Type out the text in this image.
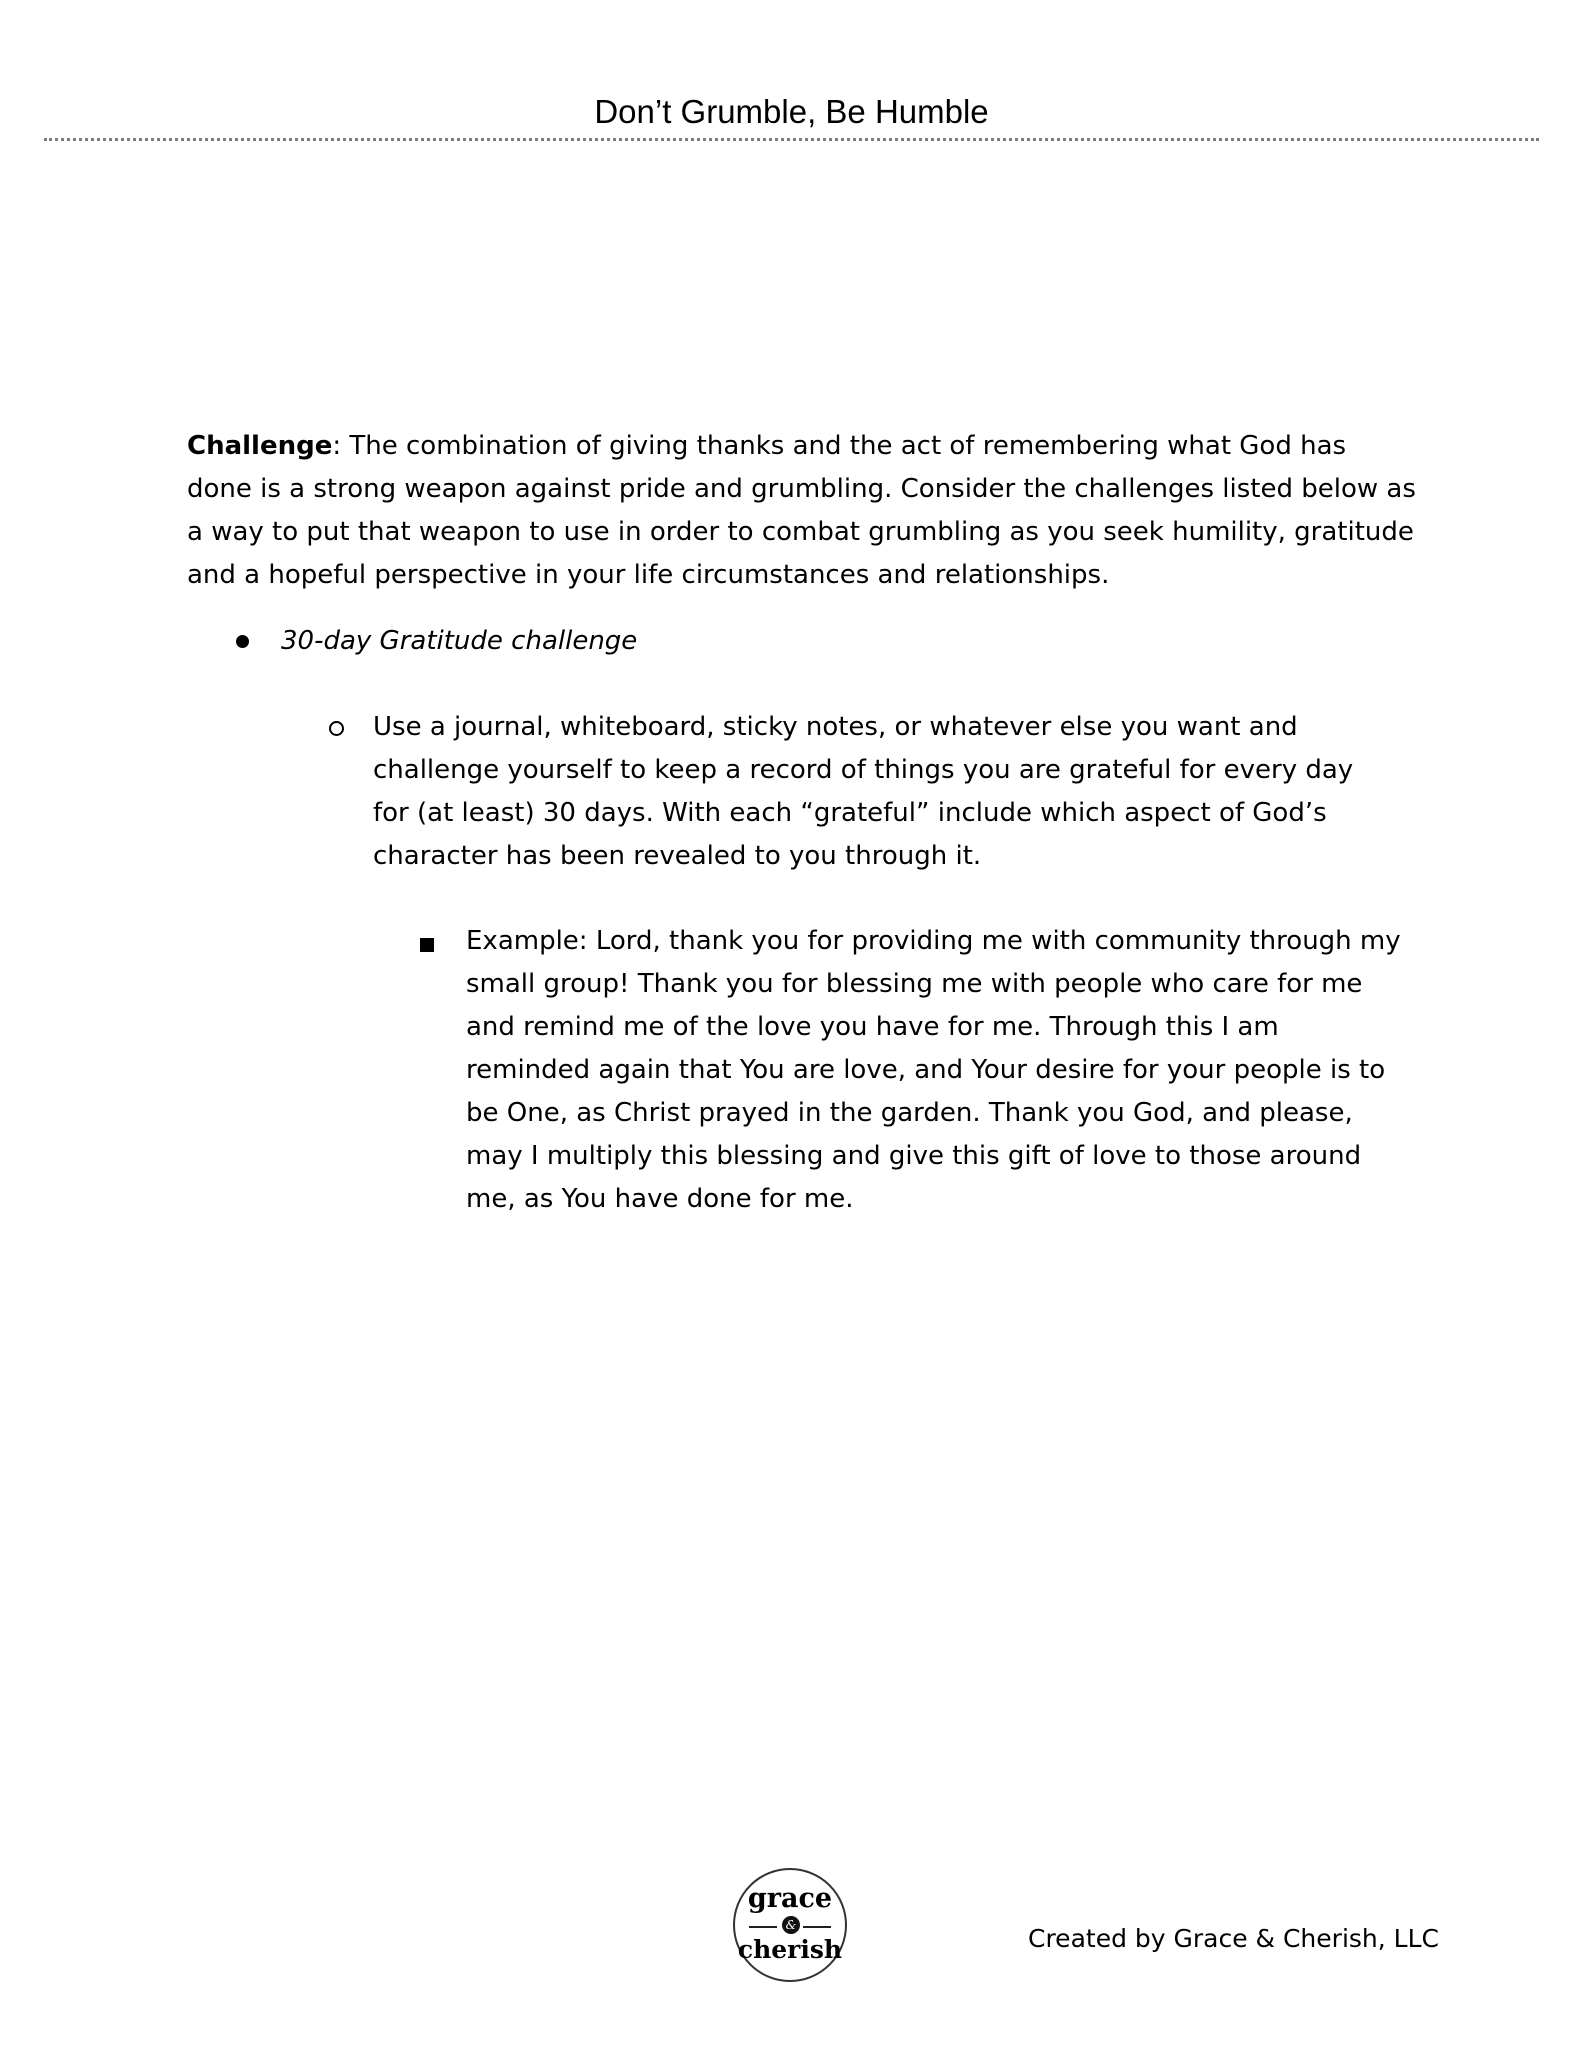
Don’t Grumble, Be Humble

Challenge: The combination of giving thanks and the act of remembering what God has done is a strong weapon against pride and grumbling. Consider the challenges listed below as a way to put that weapon to use in order to combat grumbling as you seek humility, gratitude and a hopeful perspective in your life circumstances and relationships.

30-day Gratitude challenge
Use a journal, whiteboard, sticky notes, or whatever else you want and challenge yourself to keep a record of things you are grateful for every day for (at least) 30 days. With each “grateful” include which aspect of God’s character has been revealed to you through it.
Example: Lord, thank you for providing me with community through my small group! Thank you for blessing me with people who care for me and remind me of the love you have for me. Through this I am reminded again that You are love, and Your desire for your people is to be One, as Christ prayed in the garden. Thank you God, and please, may I multiply this blessing and give this gift of love to those around me, as You have done for me.
grace
&
cherish	Created by Grace & Cherish, LLC
